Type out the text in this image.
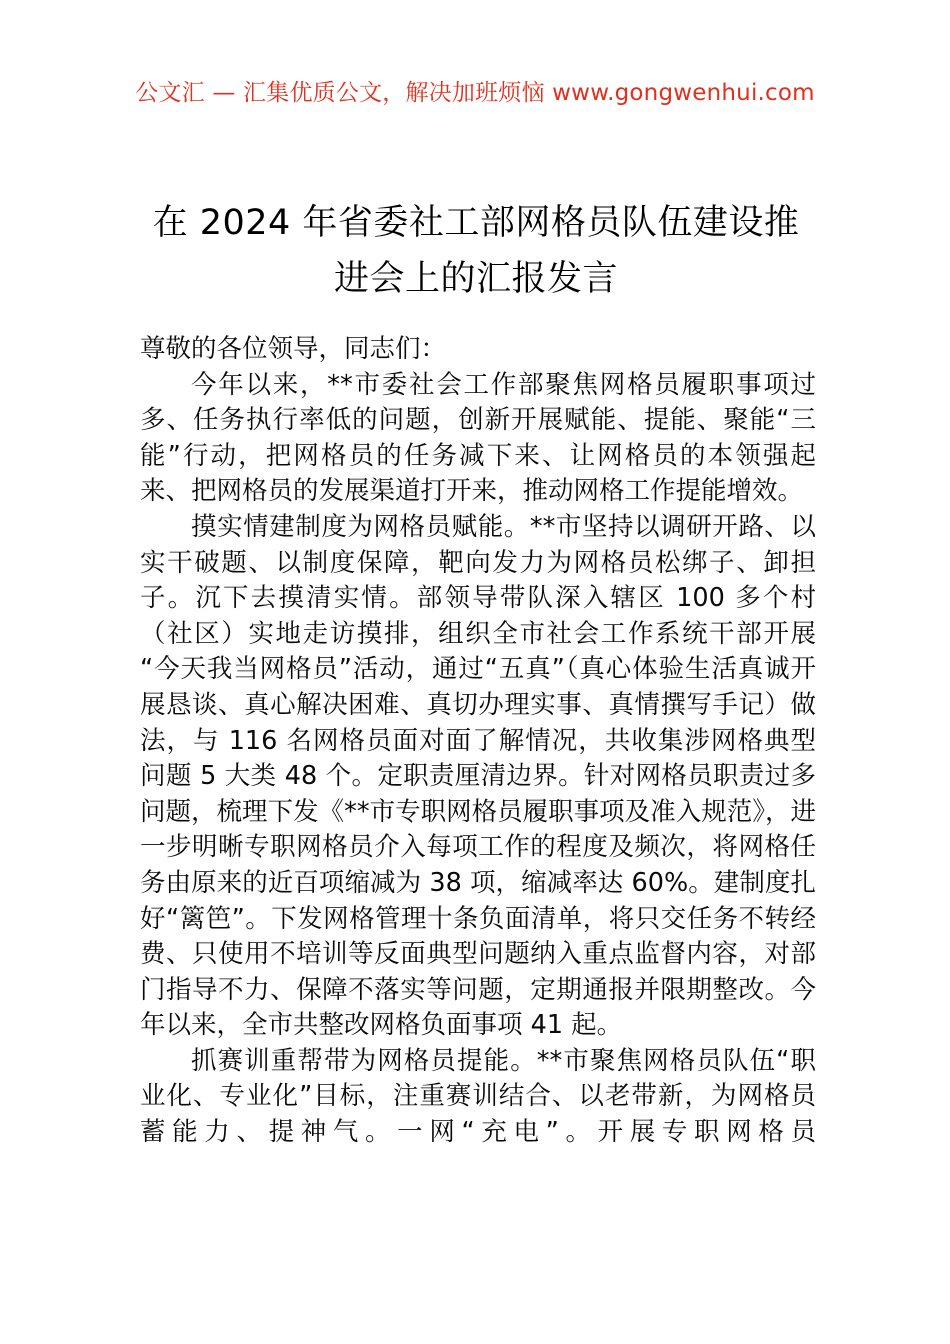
公文汇 — 汇集优质公文，解决加班烦恼 www.gongwenhui.com
在 2024 年省委社工部网格员队伍建设推进会上的汇报发言

尊敬的各位领导，同志们：

今年以来，**市委社会工作部聚焦网格员履职事项过多、任务执行率低的问题，创新开展赋能、提能、聚能“三能”行动，把网格员的任务减下来、让网格员的本领强起来、把网格员的发展渠道打开来，推动网格工作提能增效。

摸实情建制度为网格员赋能。**市坚持以调研开路、以实干破题、以制度保障，靶向发力为网格员松绑子、卸担子。沉下去摸清实情。部领导带队深入辖区 100 多个村（社区）实地走访摸排，组织全市社会工作系统干部开展“今天我当网格员”活动，通过“五真”（真心体验生活真诚开展恳谈、真心解决困难、真切办理实事、真情撰写手记）做法，与 116 名网格员面对面了解情况，共收集涉网格典型问题 5 大类 48 个。定职责厘清边界。针对网格员职责过多问题，梳理下发《**市专职网格员履职事项及准入规范》，进一步明晰专职网格员介入每项工作的程度及频次，将网格任务由原来的近百项缩减为 38 项，缩减率达 60%。建制度扎好“篱笆”。下发网格管理十条负面清单，将只交任务不转经费、只使用不培训等反面典型问题纳入重点监督内容，对部门指导不力、保障不落实等问题，定期通报并限期整改。今年以来，全市共整改网格负面事项 41 起。

抓赛训重帮带为网格员提能。**市聚焦网格员队伍“职业化、专业化”目标，注重赛训结合、以老带新，为网格员蓄能力、提神气。一网“充电”。开展专职网格员
